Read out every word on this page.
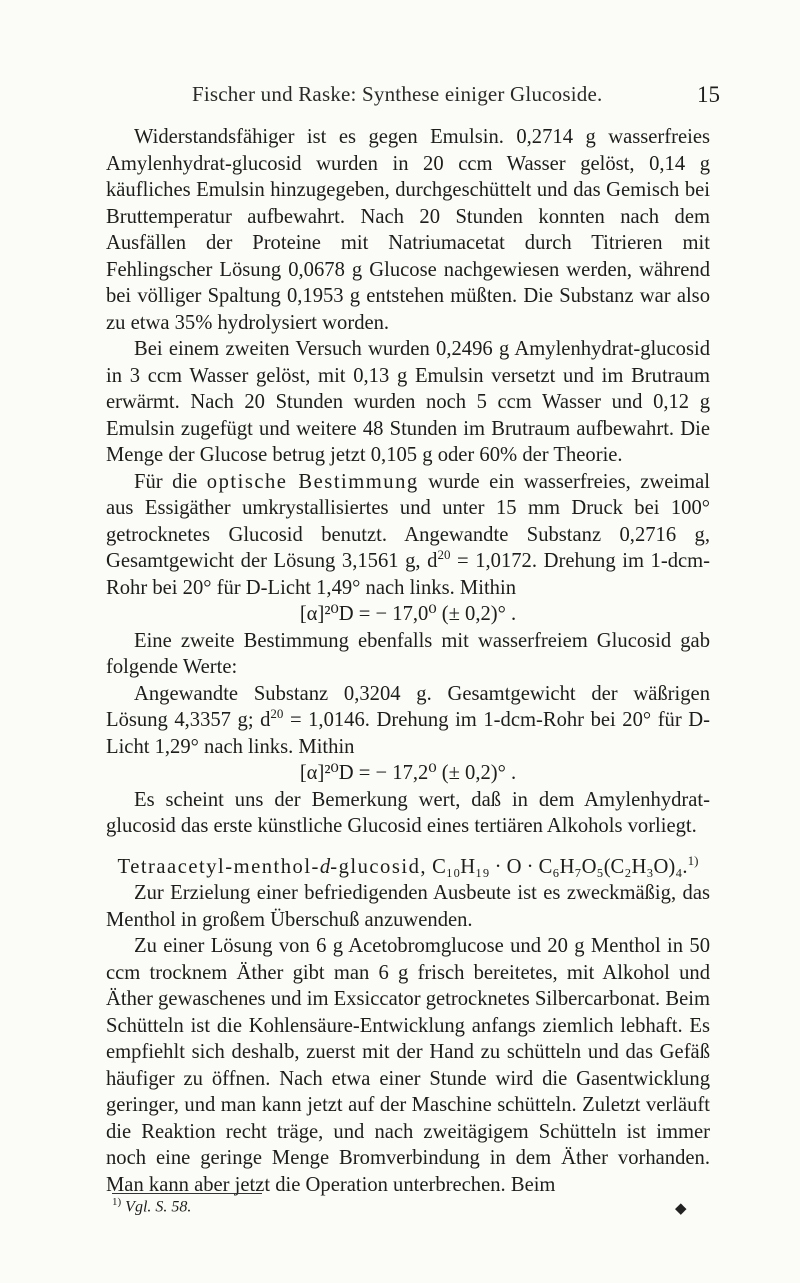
Fischer und Raske: Synthese einiger Glucoside.	15

Widerstandsfähiger ist es gegen Emulsin. 0,2714 g wasserfreies Amylenhydrat-glucosid wurden in 20 ccm Wasser gelöst, 0,14 g käufliches Emulsin hinzugegeben, durchgeschüttelt und das Gemisch bei Bruttemperatur aufbewahrt. Nach 20 Stunden konnten nach dem Ausfällen der Proteine mit Natriumacetat durch Titrieren mit Fehlingscher Lösung 0,0678 g Glucose nachgewiesen werden, während bei völliger Spaltung 0,1953 g entstehen müßten. Die Substanz war also zu etwa 35% hydrolysiert worden.

Bei einem zweiten Versuch wurden 0,2496 g Amylenhydrat-glucosid in 3 ccm Wasser gelöst, mit 0,13 g Emulsin versetzt und im Brutraum erwärmt. Nach 20 Stunden wurden noch 5 ccm Wasser und 0,12 g Emulsin zugefügt und weitere 48 Stunden im Brutraum aufbewahrt. Die Menge der Glucose betrug jetzt 0,105 g oder 60% der Theorie.

Für die optische Bestimmung wurde ein wasserfreies, zweimal aus Essigäther umkrystallisiertes und unter 15 mm Druck bei 100° getrocknetes Glucosid benutzt. Angewandte Substanz 0,2716 g, Gesamtgewicht der Lösung 3,1561 g, $d^{20} = 1,0172$. Drehung im 1-dcm-Rohr bei 20° für D-Licht 1,49° nach links. Mithin

[α]²⁰D = − 17,0⁰ (± 0,2)° .

Eine zweite Bestimmung ebenfalls mit wasserfreiem Glucosid gab folgende Werte:

Angewandte Substanz 0,3204 g. Gesamtgewicht der wäßrigen Lösung 4,3357 g; $d^{20} = 1,0146$. Drehung im 1-dcm-Rohr bei 20° für D-Licht 1,29° nach links. Mithin

[α]²⁰D = − 17,2⁰ (± 0,2)° .

Es scheint uns der Bemerkung wert, daß in dem Amylenhydrat-glucosid das erste künstliche Glucosid eines tertiären Alkohols vorliegt.

Tetraacetyl-menthol-d-glucosid, C₁₀H₁₉ · O · C₆H₇O₅(C₂H₃O)₄.$^{1)}$

Zur Erzielung einer befriedigenden Ausbeute ist es zweckmäßig, das Menthol in großem Überschuß anzuwenden.

Zu einer Lösung von 6 g Acetobromglucose und 20 g Menthol in 50 ccm trocknem Äther gibt man 6 g frisch bereitetes, mit Alkohol und Äther gewaschenes und im Exsiccator getrocknetes Silbercarbonat. Beim Schütteln ist die Kohlensäure-Entwicklung anfangs ziemlich lebhaft. Es empfiehlt sich deshalb, zuerst mit der Hand zu schütteln und das Gefäß häufiger zu öffnen. Nach etwa einer Stunde wird die Gasentwicklung geringer, und man kann jetzt auf der Maschine schütteln. Zuletzt verläuft die Reaktion recht träge, und nach zweitägigem Schütteln ist immer noch eine geringe Menge Bromverbindung in dem Äther vorhanden. Man kann aber jetzt die Operation unterbrechen. Beim

$^{1)}$ Vgl. S. 58.	◆
